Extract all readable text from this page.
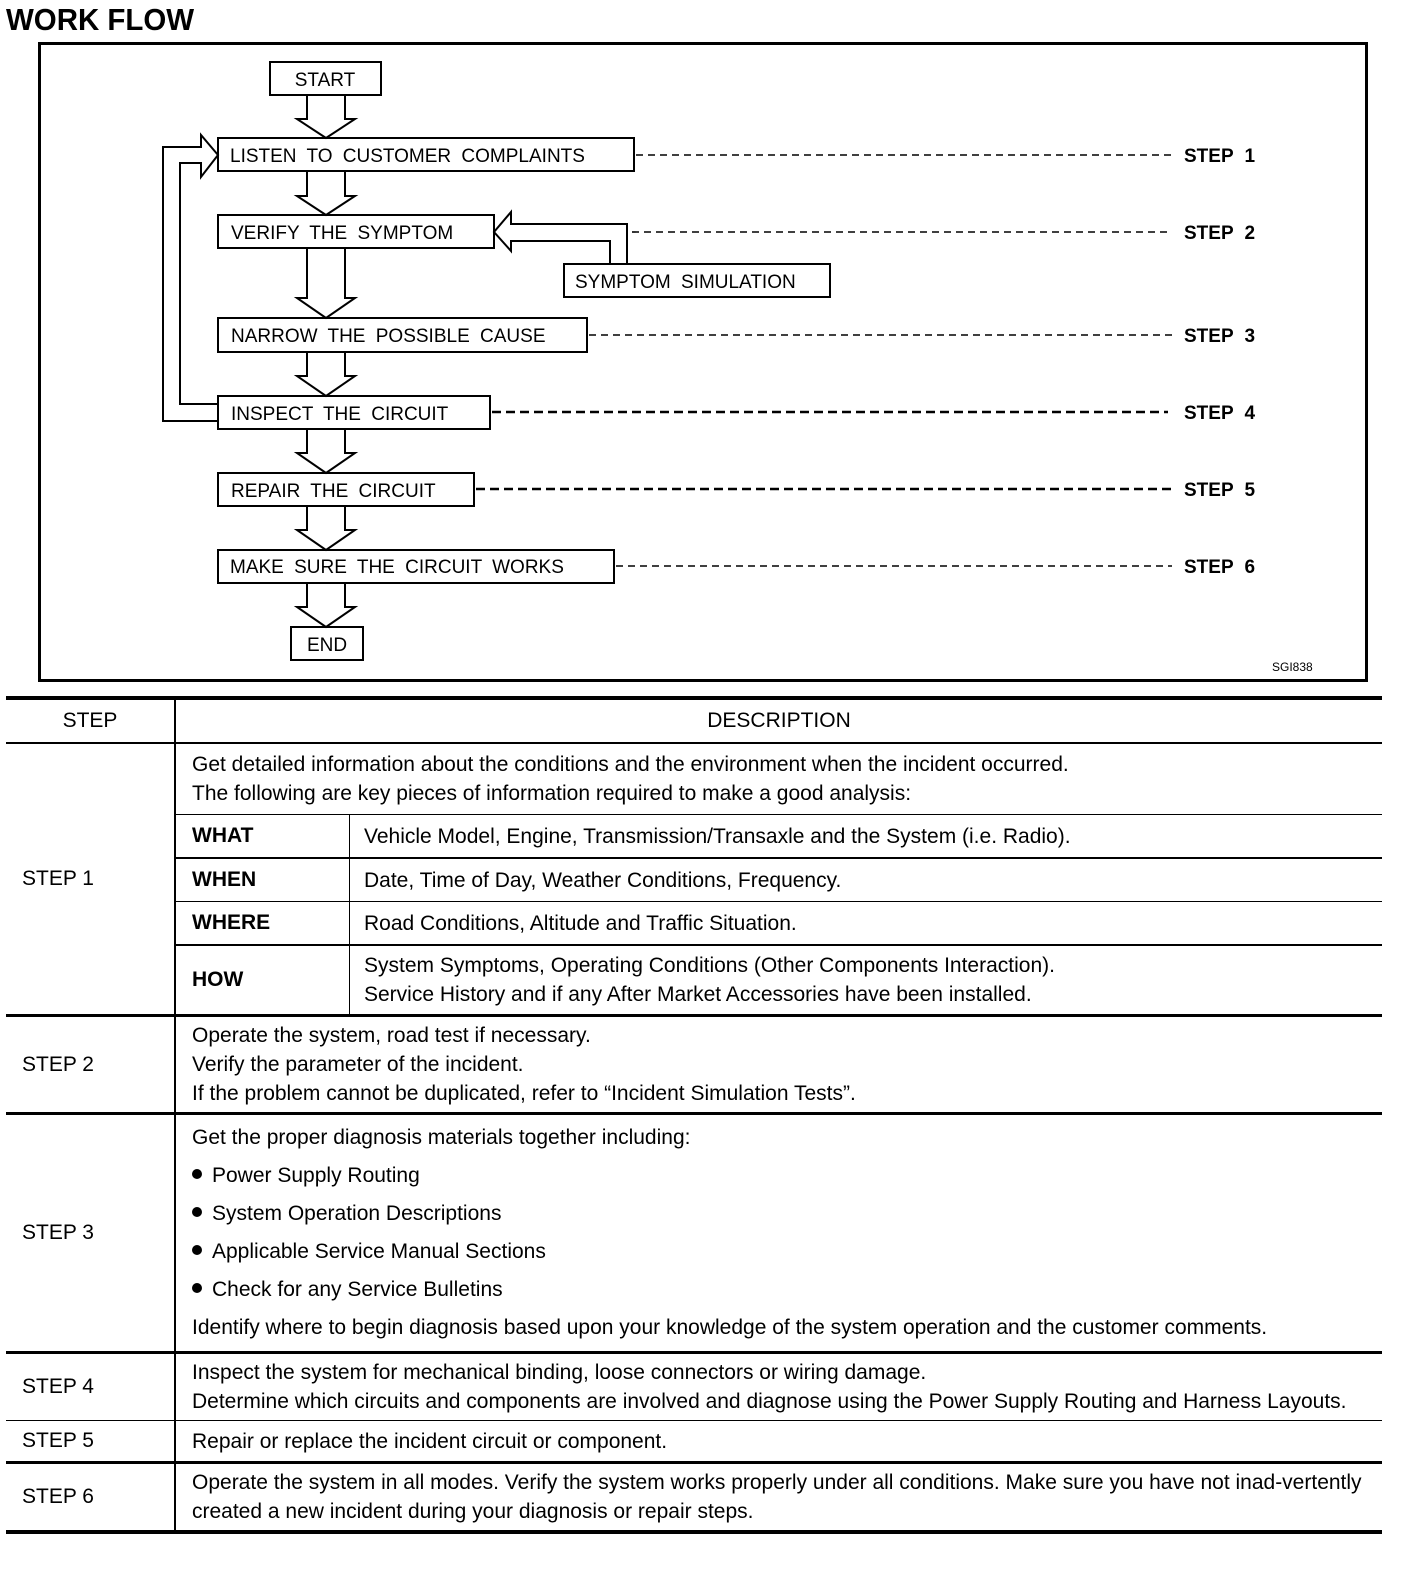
WORK FLOW
START
LISTEN TO CUSTOMER COMPLAINTS
VERIFY THE SYMPTOM
NARROW THE POSSIBLE CAUSE
INSPECT THE CIRCUIT
REPAIR THE CIRCUIT
MAKE SURE THE CIRCUIT WORKS
END
SYMPTOM SIMULATION
STEP 1
STEP 2
STEP 3
STEP 4
STEP 5
STEP 6
SGI838
STEP	DESCRIPTION
STEP 1	
Get detailed information about the conditions and the environment when the incident occurred.
The following are key pieces of information required to make a good analysis:
WHAT	Vehicle Model, Engine, Transmission/Transaxle and the System (i.e. Radio).
WHEN	Date, Time of Day, Weather Conditions, Frequency.
WHERE	Road Conditions, Altitude and Traffic Situation.
HOW	
System Symptoms, Operating Conditions (Other Components Interaction).
Service History and if any After Market Accessories have been installed.

STEP 2	
Operate the system, road test if necessary.
Verify the parameter of the incident.
If the problem cannot be duplicated, refer to “Incident Simulation Tests”.

STEP 3	
Get the proper diagnosis materials together including:
Power Supply Routing
System Operation Descriptions
Applicable Service Manual Sections
Check for any Service Bulletins
Identify where to begin diagnosis based upon your knowledge of the system operation and the customer comments.

STEP 4	
Inspect the system for mechanical binding, loose connectors or wiring damage.
Determine which circuits and components are involved and diagnose using the Power Supply Routing and Harness Layouts.

STEP 5	Repair or replace the incident circuit or component.

STEP 6	
Operate the system in all modes. Verify the system works properly under all conditions. Make sure you have not inad-vertently created a new incident during your diagnosis or repair steps.
